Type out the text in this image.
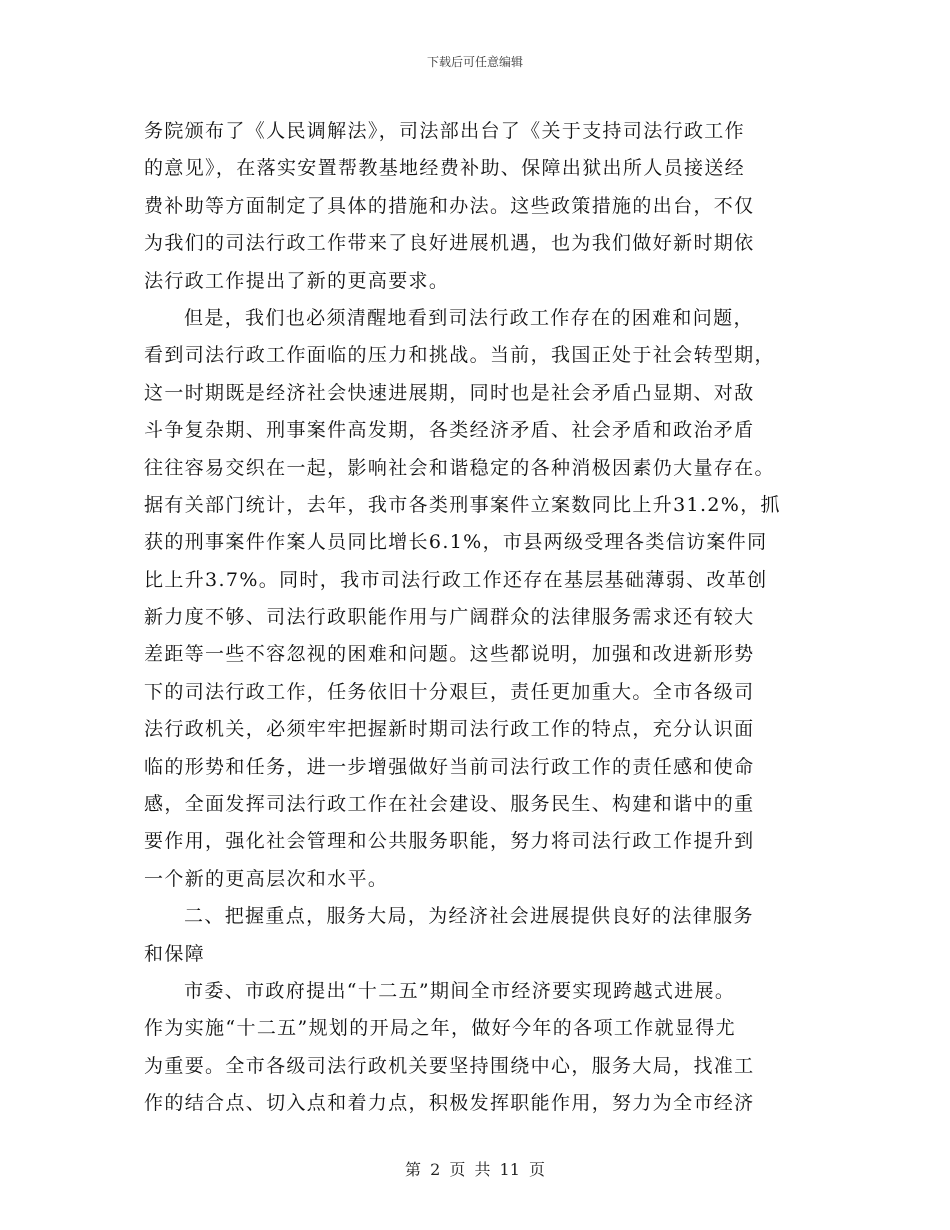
下载后可任意编辑
务院颁布了《人民调解法》，司法部出台了《关于支持司法行政工作
的意见》，在落实安置帮教基地经费补助、保障出狱出所人员接送经
费补助等方面制定了具体的措施和办法。这些政策措施的出台，不仅
为我们的司法行政工作带来了良好进展机遇，也为我们做好新时期依
法行政工作提出了新的更高要求。
但是，我们也必须清醒地看到司法行政工作存在的困难和问题，
看到司法行政工作面临的压力和挑战。当前，我国正处于社会转型期，
这一时期既是经济社会快速进展期，同时也是社会矛盾凸显期、对敌
斗争复杂期、刑事案件高发期，各类经济矛盾、社会矛盾和政治矛盾
往往容易交织在一起，影响社会和谐稳定的各种消极因素仍大量存在。
据有关部门统计，去年，我市各类刑事案件立案数同比上升31.2%，抓
获的刑事案件作案人员同比增长6.1%，市县两级受理各类信访案件同
比上升3.7%。同时，我市司法行政工作还存在基层基础薄弱、改革创
新力度不够、司法行政职能作用与广阔群众的法律服务需求还有较大
差距等一些不容忽视的困难和问题。这些都说明，加强和改进新形势
下的司法行政工作，任务依旧十分艰巨，责任更加重大。全市各级司
法行政机关，必须牢牢把握新时期司法行政工作的特点，充分认识面
临的形势和任务，进一步增强做好当前司法行政工作的责任感和使命
感，全面发挥司法行政工作在社会建设、服务民生、构建和谐中的重
要作用，强化社会管理和公共服务职能，努力将司法行政工作提升到
一个新的更高层次和水平。
二、把握重点，服务大局，为经济社会进展提供良好的法律服务
和保障
市委、市政府提出“十二五”期间全市经济要实现跨越式进展。
作为实施“十二五”规划的开局之年，做好今年的各项工作就显得尤
为重要。全市各级司法行政机关要坚持围绕中心，服务大局，找准工
作的结合点、切入点和着力点，积极发挥职能作用，努力为全市经济
第 2 页 共 11 页
